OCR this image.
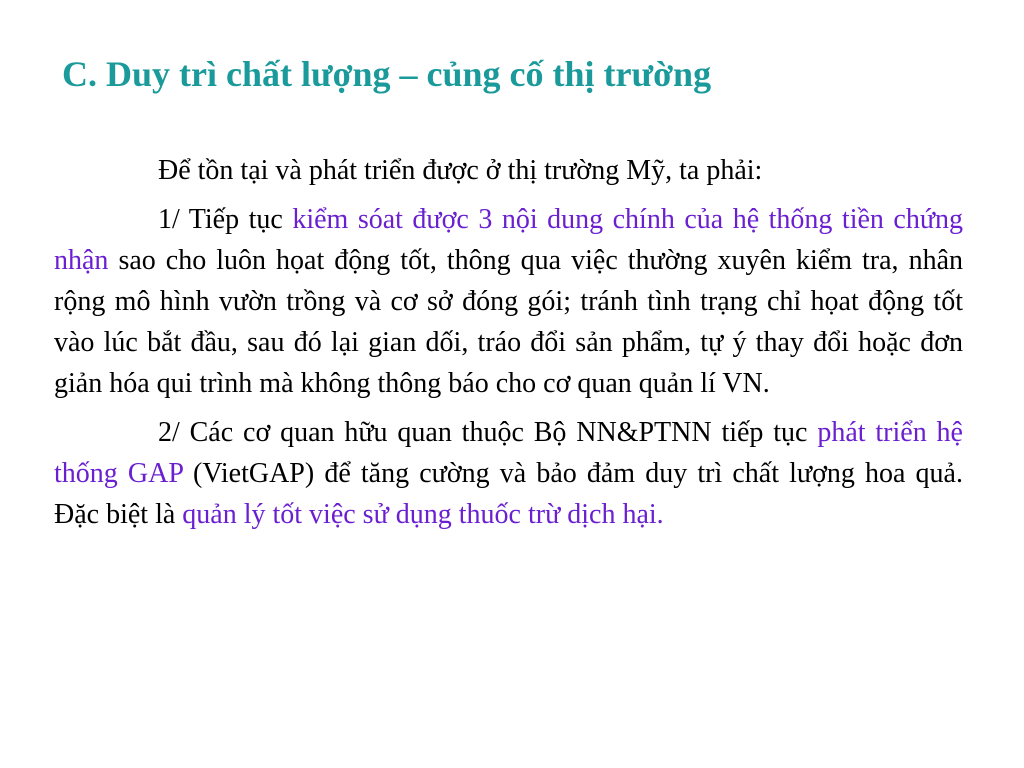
C. Duy trì chất lượng – củng cố thị trường

Để tồn tại và phát triển được ở thị trường Mỹ, ta phải:

1/ Tiếp tục kiểm sóat được 3 nội dung chính của hệ thống tiền chứng nhận sao cho luôn họat động tốt, thông qua việc thường xuyên kiểm tra, nhân rộng mô hình vườn trồng và cơ sở đóng gói; tránh tình trạng chỉ họat động tốt vào lúc bắt đầu, sau đó lại gian dối, tráo đổi sản phẩm, tự ý thay đổi hoặc đơn giản hóa qui trình mà không thông báo cho cơ quan quản lí VN.

2/ Các cơ quan hữu quan thuộc Bộ NN&PTNN tiếp tục phát triển hệ thống GAP (VietGAP) để tăng cường và bảo đảm duy trì chất lượng hoa quả. Đặc biệt là quản lý tốt việc sử dụng thuốc trừ dịch hại.
